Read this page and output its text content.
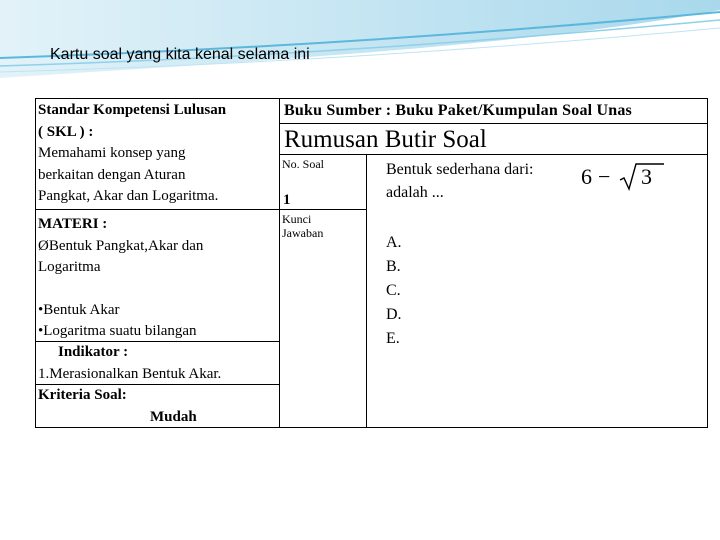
Kartu soal yang kita kenal selama ini
Standar Kompetensi Lulusan
( SKL ) :
Memahami konsep yang
berkaitan dengan Aturan
Pangkat, Akar dan Logaritma.
MATERI :
ØBentuk Pangkat,Akar dan
Logaritma
•Bentuk Akar
•Logaritma suatu bilangan
Indikator :
1.Merasionalkan Bentuk Akar.
Kriteria Soal:
Mudah
Buku Sumber : Buku Paket/Kumpulan Soal Unas
Rumusan Butir Soal
No. Soal
1
Kunci
Jawaban
Bentuk sederhana dari:
adalah ...
6 − 3
A.
B.
C.
D.
E.
